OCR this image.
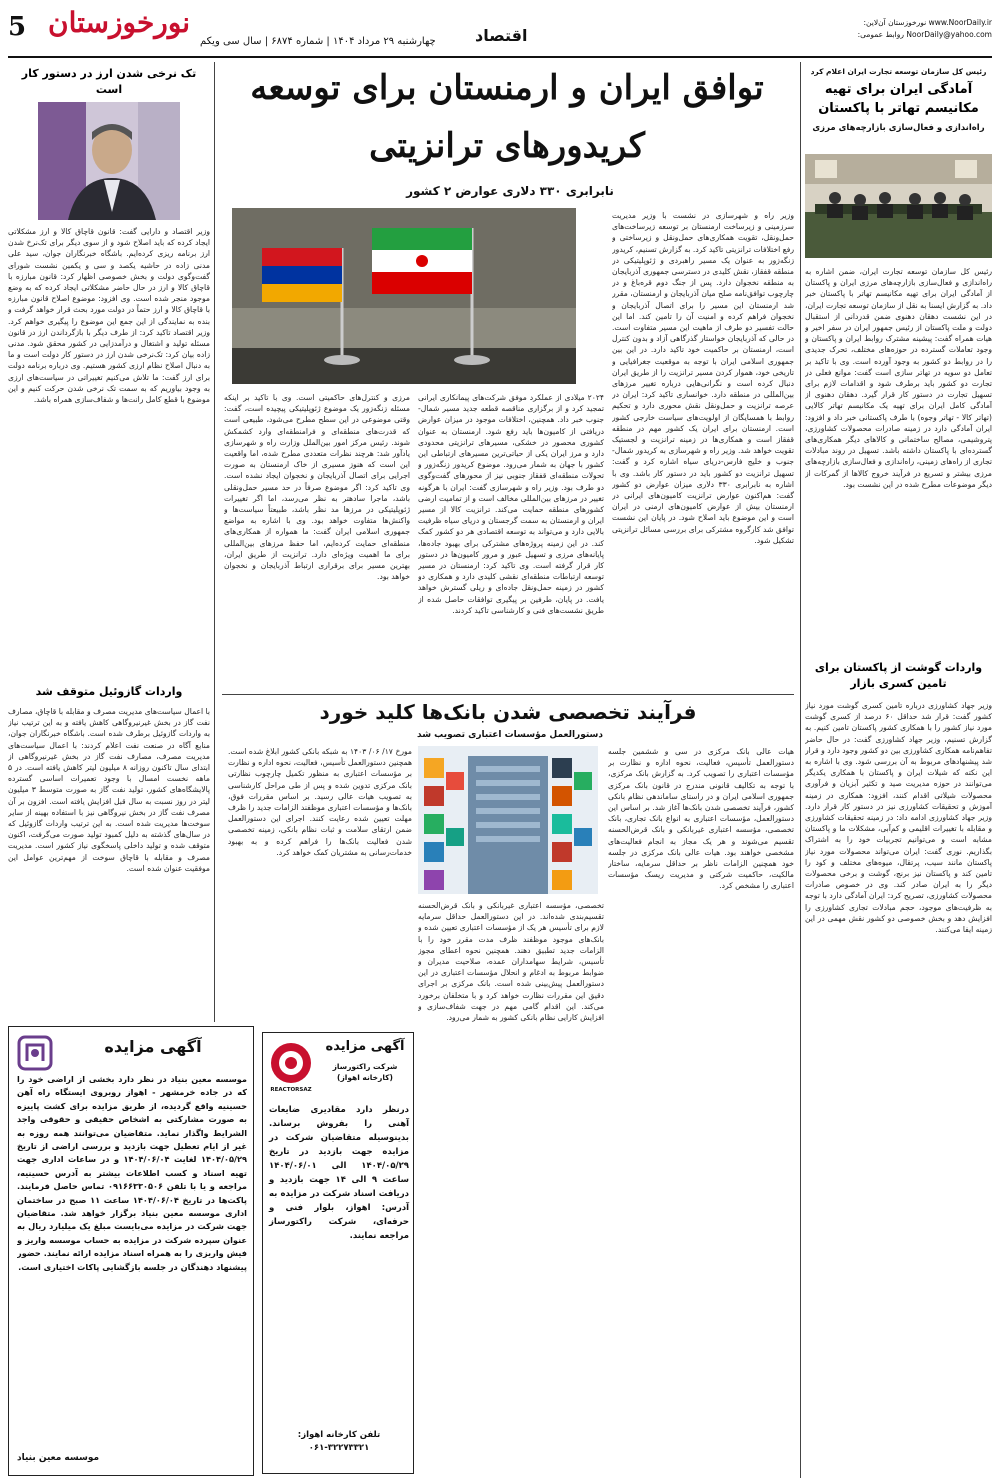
5 نورخوزستان
چهارشنبه ۲۹ مرداد ۱۴۰۴ | شماره ۶۸۷۴ | سال سی ویکم اقتصاد
www.NoorDaily.ir نورخوزستان آن‌لاین:
NoorDaily@yahoo.com روابط عمومی:
رئیس کل سازمان توسعه تجارت ایران اعلام کرد
آمادگی ایران برای تهیه مکانیسم تهاتر با پاکستان
راه‌اندازی و فعال‌سازی بازارچه‌های مرزی
رئیس کل سازمان توسعه تجارت ایران، ضمن اشاره به راه‌اندازی و فعال‌سازی بازارچه‌های مرزی ایران و پاکستان از آمادگی ایران برای تهیه مکانیسم تهاتر با پاکستان خبر داد. به گزارش ایسنا به نقل از سازمان توسعه تجارت ایران، در این نشست دهقان دهنوی ضمن قدردانی از استقبال دولت و ملت پاکستان از رئیس جمهور ایران در سفر اخیر و هیات همراه گفت: پیشینه مشترک روابط ایران و پاکستان و وجود تعاملات گسترده در حوزه‌های مختلف، تحرک جدیدی را در روابط دو کشور به وجود آورده است. وی با تاکید بر تعامل دو سویه در تهاتر سازی است گفت: موانع فعلی در تجارت دو کشور باید برطرف شود و اقدامات لازم برای تسهیل تجارت در دستور کار قرار گیرد. دهقان دهنوی از آمادگی کامل ایران برای تهیه یک مکانیسم تهاتر کالایی (تهاتر کالا - تهاتر وجوه) با طرف پاکستانی خبر داد و افزود: ایران آمادگی دارد در زمینه صادرات محصولات کشاورزی، پتروشیمی، مصالح ساختمانی و کالاهای دیگر همکاری‌های گسترده‌ای با پاکستان داشته باشد. تسهیل در روند مبادلات تجاری از راه‌های زمینی، راه‌اندازی و فعال‌سازی بازارچه‌های مرزی بیشتر و تسریع در فرآیند خروج کالاها از گمرکات از دیگر موضوعات مطرح شده در این نشست بود.
واردات گوشت از پاکستان برای تامین کسری بازار
وزیر جهاد کشاورزی درباره تامین کسری گوشت مورد نیاز کشور گفت: قرار شد حداقل ۶۰ درصد از کسری گوشت مورد نیاز کشور را با همکاری کشور پاکستان تامین کنیم. به گزارش تسنیم، وزیر جهاد کشاورزی گفت: در حال حاضر تفاهم‌نامه همکاری کشاورزی بین دو کشور وجود دارد و قرار شد پیشنهادهای مربوط به آن بررسی شود. وی با اشاره به این نکته که شیلات ایران و پاکستان با همکاری یکدیگر می‌توانند در حوزه مدیریت صید و تکثیر آبزیان و فرآوری محصولات شیلاتی اقدام کنند، افزود: همکاری در زمینه آموزش و تحقیقات کشاورزی نیز در دستور کار قرار دارد. وزیر جهاد کشاورزی ادامه داد: در زمینه تحقیقات کشاورزی و مقابله با تغییرات اقلیمی و کم‌آبی، مشکلات ما و پاکستان مشابه است و می‌توانیم تجربیات خود را به اشتراک بگذاریم. نوری گفت: ایران می‌تواند محصولات مورد نیاز پاکستان مانند سیب، پرتقال، میوه‌های مختلف و کود را تامین کند و پاکستان نیز برنج، گوشت و برخی محصولات دیگر را به ایران صادر کند. وی در خصوص صادرات محصولات کشاورزی، تصریح کرد: ایران آمادگی دارد با توجه به ظرفیت‌های موجود، حجم مبادلات تجاری کشاورزی را افزایش دهد و بخش خصوصی دو کشور نقش مهمی در این زمینه ایفا می‌کنند.
توافق ایران و ارمنستان برای توسعه
کریدورهای ترانزیتی
نابرابری ۳۳۰ دلاری عوارض ۲ کشور
وزیر راه و شهرسازی در نشست با وزیر مدیریت سرزمینی و زیرساخت ارمنستان بر توسعه زیرساخت‌های حمل‌ونقل، تقویت همکاری‌های حمل‌ونقل و زیرساختی و رفع اختلافات ترانزیتی تاکید کرد. به گزارش تسنیم، کریدور زنگه‌زور به عنوان یک مسیر راهبردی و ژئوپلیتیکی در منطقه قفقاز، نقش کلیدی در دسترسی جمهوری آذربایجان به منطقه نخجوان دارد. پس از جنگ دوم قره‌باغ و در چارچوب توافق‌نامه صلح میان آذربایجان و ارمنستان، مقرر شد ارمنستان این مسیر را برای اتصال آذربایجان و نخجوان فراهم کرده و امنیت آن را تامین کند. اما این حالت تفسیر دو طرف از ماهیت این مسیر متفاوت است. در حالی که آذربایجان خواستار گذرگاهی آزاد و بدون کنترل است، ارمنستان بر حاکمیت خود تاکید دارد. در این بین جمهوری اسلامی ایران با توجه به موقعیت جغرافیایی و تاریخی خود، هموار کردن مسیر ترانزیت را از طریق ایران دنبال کرده است و نگرانی‌هایی درباره تغییر مرزهای بین‌المللی در منطقه دارد. خوانساری تاکید کرد: ایران در عرصه ترانزیت و حمل‌ونقل نقش محوری دارد و تحکیم روابط با همسایگان از اولویت‌های سیاست خارجی کشور است. ارمنستان برای ایران یک کشور مهم در منطقه قفقاز است و همکاری‌ها در زمینه ترانزیت و لجستیک تقویت خواهد شد. وزیر راه و شهرسازی به کریدور شمال-جنوب و خلیج فارس-دریای سیاه اشاره کرد و گفت: تسهیل ترانزیت دو کشور باید در دستور کار باشد. وی با اشاره به نابرابری ۳۳۰ دلاری میزان عوارض دو کشور گفت: هم‌اکنون عوارض ترانزیت کامیون‌های ایرانی در ارمنستان بیش از عوارض کامیون‌های ارمنی در ایران است و این موضوع باید اصلاح شود. در پایان این نشست توافق شد کارگروه مشترکی برای بررسی مسائل ترانزیتی تشکیل شود.
۲۰۲۴ میلادی از عملکرد موفق شرکت‌های پیمانکاری ایرانی تمجید کرد و از برگزاری مناقصه قطعه جدید مسیر شمال-جنوب خبر داد. همچنین، اختلافات موجود در میزان عوارض دریافتی از کامیون‌ها باید رفع شود. ارمنستان به عنوان کشوری محصور در خشکی، مسیرهای ترانزیتی محدودی دارد و مرز ایران یکی از حیاتی‌ترین مسیرهای ارتباطی این کشور با جهان به شمار می‌رود. موضوع کریدور زنگه‌زور و تحولات منطقه‌ای قفقاز جنوبی نیز از محورهای گفت‌وگوی دو طرف بود. وزیر راه و شهرسازی گفت: ایران با هرگونه تغییر در مرزهای بین‌المللی مخالف است و از تمامیت ارضی کشورهای منطقه حمایت می‌کند. ترانزیت کالا از مسیر ایران و ارمنستان به سمت گرجستان و دریای سیاه ظرفیت بالایی دارد و می‌تواند به توسعه اقتصادی هر دو کشور کمک کند. در این زمینه پروژه‌های مشترکی برای بهبود جاده‌ها، پایانه‌های مرزی و تسهیل عبور و مرور کامیون‌ها در دستور کار قرار گرفته است. وی تاکید کرد: ارمنستان در مسیر توسعه ارتباطات منطقه‌ای نقشی کلیدی دارد و همکاری دو کشور در زمینه حمل‌ونقل جاده‌ای و ریلی گسترش خواهد یافت. در پایان، طرفین بر پیگیری توافقات حاصل شده از طریق نشست‌های فنی و کارشناسی تاکید کردند.
مرزی و کنترل‌های حاکمیتی است. وی با تاکید بر اینکه مسئله زنگه‌زور یک موضوع ژئوپلیتیکی پیچیده است، گفت: وقتی موضوعی در این سطح مطرح می‌شود، طبیعی است که قدرت‌های منطقه‌ای و فرامنطقه‌ای وارد کشمکش شوند. رئیس مرکز امور بین‌الملل وزارت راه و شهرسازی یادآور شد: هرچند نظرات متعددی مطرح شده، اما واقعیت این است که هنوز مسیری از خاک ارمنستان به صورت اجرایی برای اتصال آذربایجان و نخجوان ایجاد نشده است. وی تاکید کرد: اگر موضوع صرفاً در حد مسیر حمل‌ونقلی باشد، ماجرا سادهتر به نظر می‌رسد، اما اگر تغییرات ژئوپلیتیکی در مرزها مد نظر باشد، طبیعتاً سیاست‌ها و واکنش‌ها متفاوت خواهد بود. وی با اشاره به مواضع جمهوری اسلامی ایران گفت: ما همواره از همکاری‌های منطقه‌ای حمایت کرده‌ایم، اما حفظ مرزهای بین‌المللی برای ما اهمیت ویژه‌ای دارد. ترانزیت از طریق ایران، بهترین مسیر برای برقراری ارتباط آذربایجان و نخجوان خواهد بود.
فرآیند تخصصی شدن بانک‌ها کلید خورد
دستورالعمل مؤسسات اعتباری تصویب شد
هیات عالی بانک مرکزی در سی و ششمین جلسه دستورالعمل تأسیس، فعالیت، نحوه اداره و نظارت بر مؤسسات اعتباری را تصویب کرد. به گزارش بانک مرکزی، با توجه به تکالیف قانونی مندرج در قانون بانک مرکزی جمهوری اسلامی ایران و در راستای ساماندهی نظام بانکی کشور، فرآیند تخصصی شدن بانک‌ها آغاز شد. بر اساس این دستورالعمل، مؤسسات اعتباری به انواع بانک تجاری، بانک تخصصی، مؤسسه اعتباری غیربانکی و بانک قرض‌الحسنه تقسیم می‌شوند و هر یک مجاز به انجام فعالیت‌های مشخصی خواهند بود. هیات عالی بانک مرکزی در جلسه خود همچنین الزامات ناظر بر حداقل سرمایه، ساختار مالکیت، حاکمیت شرکتی و مدیریت ریسک مؤسسات اعتباری را مشخص کرد.
تخصصی، مؤسسه اعتباری غیربانکی و بانک قرض‌الحسنه تقسیم‌بندی شده‌اند. در این دستورالعمل حداقل سرمایه لازم برای تأسیس هر یک از مؤسسات اعتباری تعیین شده و بانک‌های موجود موظفند ظرف مدت مقرر خود را با الزامات جدید تطبیق دهند. همچنین نحوه اعطای مجوز تأسیس، شرایط سهامداران عمده، صلاحیت مدیران و ضوابط مربوط به ادغام و انحلال مؤسسات اعتباری در این دستورالعمل پیش‌بینی شده است. بانک مرکزی بر اجرای دقیق این مقررات نظارت خواهد کرد و با متخلفان برخورد می‌کند. این اقدام گامی مهم در جهت شفاف‌سازی و افزایش کارایی نظام بانکی کشور به شمار می‌رود.
مورخ ۱۷/ ۰۶/ ۱۴۰۳ به شبکه بانکی کشور ابلاغ شده است. همچنین دستورالعمل تأسیس، فعالیت، نحوه اداره و نظارت بر مؤسسات اعتباری به منظور تکمیل چارچوب نظارتی بانک مرکزی تدوین شده و پس از طی مراحل کارشناسی به تصویب هیات عالی رسید. بر اساس مقررات فوق، بانک‌ها و مؤسسات اعتباری موظفند الزامات جدید را ظرف مهلت تعیین شده رعایت کنند. اجرای این دستورالعمل ضمن ارتقای سلامت و ثبات نظام بانکی، زمینه تخصصی شدن فعالیت بانک‌ها را فراهم کرده و به بهبود خدمات‌رسانی به مشتریان کمک خواهد کرد.
REACTORSAZ
آگهی مزایده
شرکت راکتورساز (کارخانه اهواز)
درنظر دارد مقادیری ضایعات آهنی را بفروش برساند. بدینوسیله متقاضیان شرکت در مزایده جهت بازدید در تاریخ ۱۴۰۴/۰۵/۲۹ الی ۱۴۰۴/۰۶/۰۱ ساعت ۹ الی ۱۴ جهت بازدید و دریافت اسناد شرکت در مزایده به آدرس: اهواز، بلوار فنی و حرفه‌ای، شرکت راکتورساز مراجعه نمایند.
تلفن کارخانه اهواز: ۳۲۲۷۳۳۲۱-۰۶۱
تک نرخی شدن ارز در دستور کار است
وزیر اقتصاد و دارایی گفت: قانون قاچاق کالا و ارز مشکلاتی ایجاد کرده که باید اصلاح شود و از سوی دیگر برای تک‌نرخ شدن ارز برنامه ریزی کرده‌ایم. باشگاه خبرنگاران جوان، سید علی مدنی زاده در حاشیه یکصد و سی و یکمین نشست شورای گفت‌وگوی دولت و بخش خصوصی اظهار کرد: قانون مبارزه با قاچاق کالا و ارز در حال حاضر مشکلاتی ایجاد کرده که به وضع موجود منجر شده است. وی افزود: موضوع اصلاح قانون مبارزه با قاچاق کالا و ارز حتماً در دولت مورد بحث قرار خواهد گرفت و بنده به نمایندگی از این جمع این موضوع را پیگیری خواهم کرد. وزیر اقتصاد تاکید کرد: از طرف دیگر با بازگرداندن ارز در قانون مسئله تولید و اشتغال و درآمدزایی در کشور محقق شود. مدنی زاده بیان کرد: تک‌نرخی شدن ارز در دستور کار دولت است و ما به دنبال اصلاح نظام ارزی کشور هستیم. وی درباره برنامه دولت برای ارز گفت: ما تلاش می‌کنیم تغییراتی در سیاست‌های ارزی به وجود بیاوریم که به سمت تک نرخی شدن حرکت کنیم و این موضوع با قطع کامل رانت‌ها و شفاف‌سازی همراه باشد.
واردات گازوئیل متوقف شد
با اعمال سیاست‌های مدیریت مصرف و مقابله با قاچاق، مصارف نفت گاز در بخش غیرنیروگاهی کاهش یافته و به این ترتیب نیاز به واردات گازوئیل برطرف شده است. باشگاه خبرنگاران جوان، منابع آگاه در صنعت نفت اعلام کردند: با اعمال سیاست‌های مدیریت مصرف، مصارف نفت گاز در بخش غیرنیروگاهی از ابتدای سال تاکنون روزانه ۸ میلیون لیتر کاهش یافته است. در ۵ ماهه نخست امسال با وجود تعمیرات اساسی گسترده پالایشگاه‌های کشور، تولید نفت گاز به صورت متوسط ۳ میلیون لیتر در روز نسبت به سال قبل افزایش یافته است. افزون بر آن مصرف نفت گاز در بخش نیروگاهی نیز با استفاده بهینه از سایر سوخت‌ها مدیریت شده است. به این ترتیب واردات گازوئیل که در سال‌های گذشته به دلیل کمبود تولید صورت می‌گرفت، اکنون متوقف شده و تولید داخلی پاسخگوی نیاز کشور است. مدیریت مصرف و مقابله با قاچاق سوخت از مهم‌ترین عوامل این موفقیت عنوان شده است.
آگهی مزایده
موسسه معین بنیاد در نظر دارد بخشی از اراضی خود را که در جاده خرمشهر - اهواز روبروی ایستگاه راه آهن حسینیه واقع گردیده، از طریق مزایده برای کشت پاییزه به صورت مشارکتی به اشخاص حقیقی و حقوقی واجد الشرایط واگذار نماید. متقاضیان می‌توانند همه روزه به غیر از ایام تعطیل جهت بازدید و بررسی اراضی از تاریخ ۱۴۰۴/۰۵/۲۹ لغایت ۱۴۰۴/۰۶/۰۴ و در ساعات اداری جهت تهیه اسناد و کسب اطلاعات بیشتر به آدرس حسینیه، مراجعه و یا با تلفن ۰۹۱۶۶۳۳۰۵۰۶ تماس حاصل فرمایند. پاکت‌ها در تاریخ ۱۴۰۴/۰۶/۰۴ ساعت ۱۱ صبح در ساختمان اداری موسسه معین بنیاد برگزار خواهد شد. متقاضیان جهت شرکت در مزایده می‌بایست مبلغ یک میلیارد ریال به عنوان سپرده شرکت در مزایده به حساب موسسه واریز و فیش واریزی را به همراه اسناد مزایده ارائه نمایند. حضور پیشنهاد دهندگان در جلسه بازگشایی پاکات اختیاری است.
موسسه معین بنیاد
